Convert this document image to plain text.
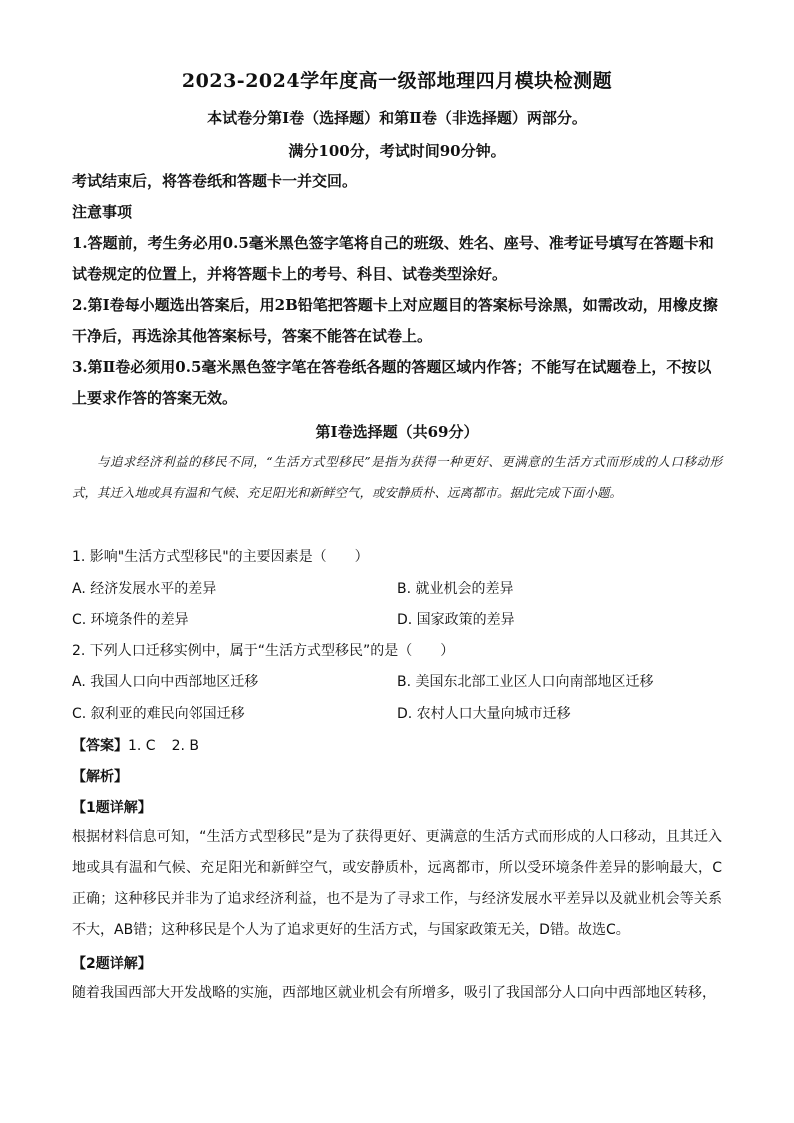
2023-2024学年度高一级部地理四月模块检测题
本试卷分第Ⅰ卷（选择题）和第Ⅱ卷（非选择题）两部分。
满分100分，考试时间90分钟。
考试结束后，将答卷纸和答题卡一并交回。
注意事项
1.答题前，考生务必用0.5毫米黑色签字笔将自己的班级、姓名、座号、准考证号填写在答题卡和试卷规定的位置上，并将答题卡上的考号、科目、试卷类型涂好。
2.第Ⅰ卷每小题选出答案后，用2B铅笔把答题卡上对应题目的答案标号涂黑，如需改动，用橡皮擦干净后，再选涂其他答案标号，答案不能答在试卷上。
3.第Ⅱ卷必须用0.5毫米黑色签字笔在答卷纸各题的答题区域内作答；不能写在试题卷上，不按以上要求作答的答案无效。
第Ⅰ卷选择题（共69分）
与追求经济利益的移民不同，“生活方式型移民”是指为获得一种更好、更满意的生活方式而形成的人口移动形式，其迁入地或具有温和气候、充足阳光和新鲜空气，或安静质朴、远离都市。据此完成下面小题。
1. 影响"生活方式型移民"的主要因素是（　　）
A. 经济发展水平的差异	B. 就业机会的差异
C. 环境条件的差异	D. 国家政策的差异
2. 下列人口迁移实例中，属于“生活方式型移民”的是（　　）
A. 我国人口向中西部地区迁移	B. 美国东北部工业区人口向南部地区迁移
C. 叙利亚的难民向邻国迁移	D. 农村人口大量向城市迁移
【答案】1. C 2. B
【解析】
【1题详解】
根据材料信息可知，“生活方式型移民”是为了获得更好、更满意的生活方式而形成的人口移动，且其迁入地或具有温和气候、充足阳光和新鲜空气，或安静质朴，远离都市，所以受环境条件差异的影响最大，C正确；这种移民并非为了追求经济利益，也不是为了寻求工作，与经济发展水平差异以及就业机会等关系不大，AB错；这种移民是个人为了追求更好的生活方式，与国家政策无关，D错。故选C。
【2题详解】
随着我国西部大开发战略的实施，西部地区就业机会有所增多，吸引了我国部分人口向中西部地区转移，
